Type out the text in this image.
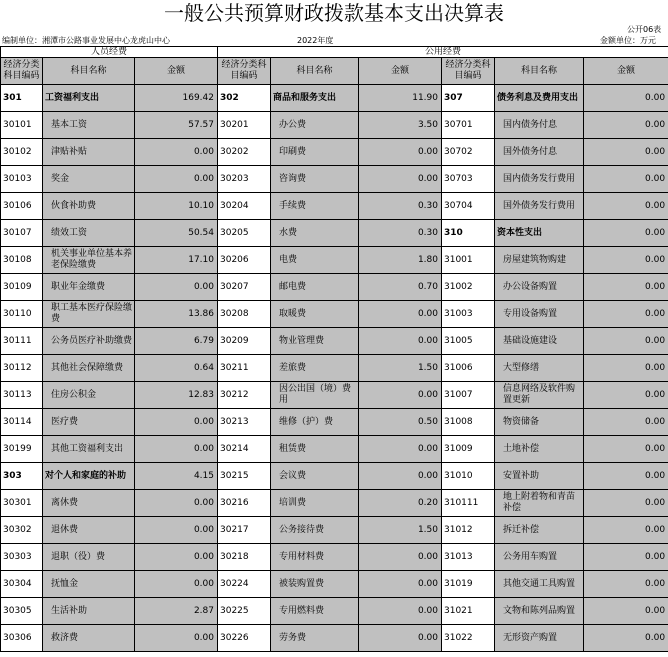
一般公共预算财政拨款基本支出决算表
公开06表
编制单位：湘潭市公路事业发展中心龙虎山中心	2022年度	金额单位：万元
人员经费			公用经费					
经济分类科目编码	科目名称	金额	经济分类科目编码	科目名称	金额	经济分类科目编码	科目名称	金额
301	工资福利支出	169.42	302	商品和服务支出	11.90	307	债务利息及费用支出	0.00
30101	基本工资	57.57	30201	办公费	3.50	30701	国内债务付息	0.00
30102	津贴补贴	0.00	30202	印刷费	0.00	30702	国外债务付息	0.00
30103	奖金	0.00	30203	咨询费	0.00	30703	国内债务发行费用	0.00
30106	伙食补助费	10.10	30204	手续费	0.30	30704	国外债务发行费用	0.00
30107	绩效工资	50.54	30205	水费	0.30	310	资本性支出	0.00
30108	机关事业单位基本养老保险缴费	17.10	30206	电费	1.80	31001	房屋建筑物购建	0.00
30109	职业年金缴费	0.00	30207	邮电费	0.70	31002	办公设备购置	0.00
30110	职工基本医疗保险缴费	13.86	30208	取暖费	0.00	31003	专用设备购置	0.00
30111	公务员医疗补助缴费	6.79	30209	物业管理费	0.00	31005	基础设施建设	0.00
30112	其他社会保障缴费	0.64	30211	差旅费	1.50	31006	大型修缮	0.00
30113	住房公积金	12.83	30212	因公出国（境）费用	0.00	31007	信息网络及软件购置更新	0.00
30114	医疗费	0.00	30213	维修（护）费	0.50	31008	物资储备	0.00
30199	其他工资福利支出	0.00	30214	租赁费	0.00	31009	土地补偿	0.00
303	对个人和家庭的补助	4.15	30215	会议费	0.00	31010	安置补助	0.00
30301	离休费	0.00	30216	培训费	0.20	310111	地上附着物和青苗补偿	0.00
30302	退休费	0.00	30217	公务接待费	1.50	31012	拆迁补偿	0.00
30303	退职（役）费	0.00	30218	专用材料费	0.00	31013	公务用车购置	0.00
30304	抚恤金	0.00	30224	被装购置费	0.00	31019	其他交通工具购置	0.00
30305	生活补助	2.87	30225	专用燃料费	0.00	31021	文物和陈列品购置	0.00
30306	救济费	0.00	30226	劳务费	0.00	31022	无形资产购置	0.00
